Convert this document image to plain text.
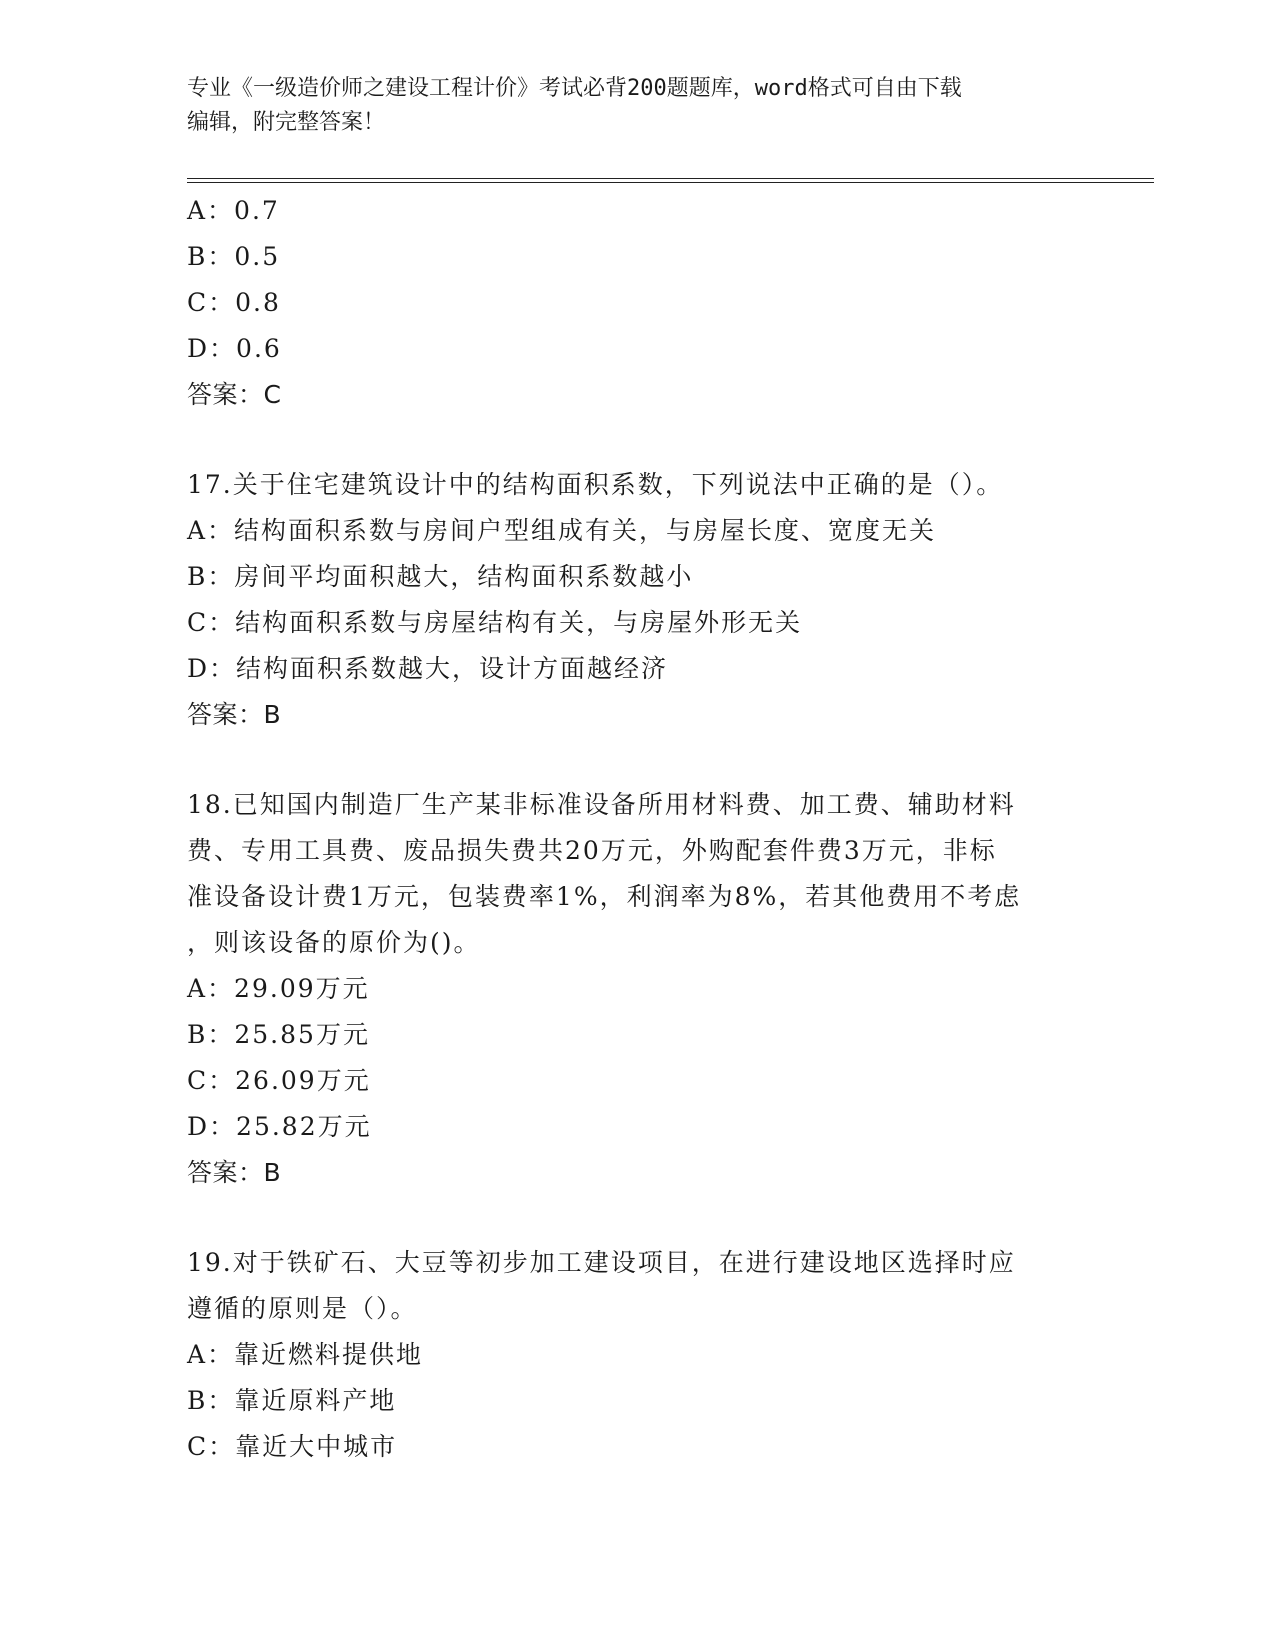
专业《一级造价师之建设工程计价》考试必背200题题库，word格式可自由下载
编辑，附完整答案！
A：0.7
B：0.5
C：0.8
D：0.6
答案：C
17.关于住宅建筑设计中的结构面积系数，下列说法中正确的是（）。
A：结构面积系数与房间户型组成有关，与房屋长度、宽度无关
B：房间平均面积越大，结构面积系数越小
C：结构面积系数与房屋结构有关，与房屋外形无关
D：结构面积系数越大，设计方面越经济
答案：B
18.已知国内制造厂生产某非标准设备所用材料费、加工费、辅助材料
费、专用工具费、废品损失费共20万元，外购配套件费3万元，非标
准设备设计费1万元，包装费率1%，利润率为8%，若其他费用不考虑
，则该设备的原价为()。
A：29.09万元
B：25.85万元
C：26.09万元
D：25.82万元
答案：B
19.对于铁矿石、大豆等初步加工建设项目，在进行建设地区选择时应
遵循的原则是（）。
A：靠近燃料提供地
B：靠近原料产地
C：靠近大中城市
